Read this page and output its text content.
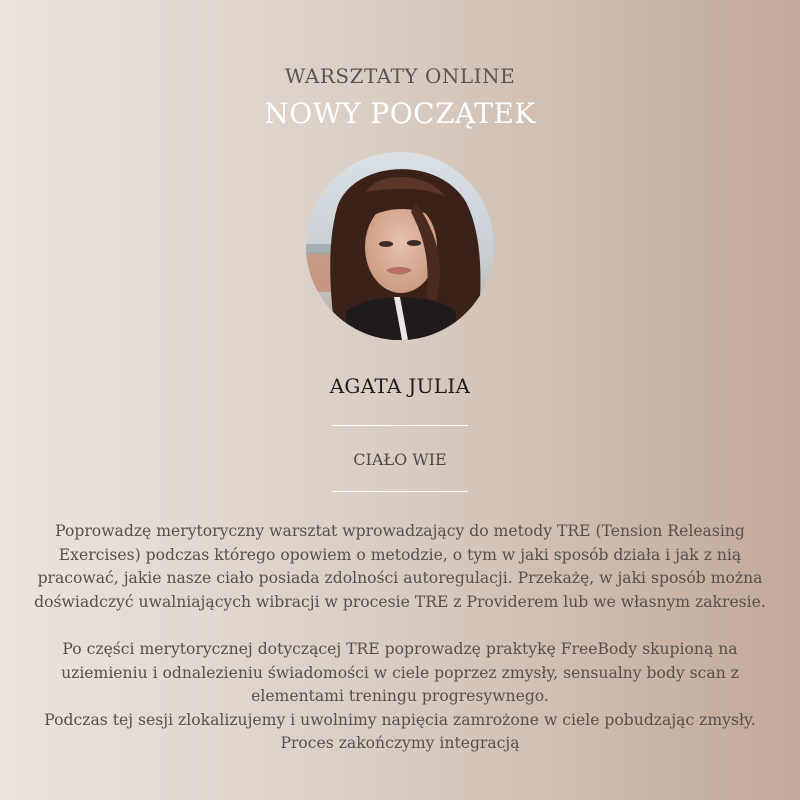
WARSZTATY ONLINE
NOWY POCZĄTEK
AGATA JULIA
CIAŁO WIE

Poprowadzę merytoryczny warsztat wprowadzający do metody TRE (Tension Releasing Exercises) podczas którego opowiem o metodzie, o tym w jaki sposób działa i jak z nią pracować, jakie nasze ciało posiada zdolności autoregulacji. Przekażę, w jaki sposób można doświadczyć uwalniających wibracji w procesie TRE z Providerem lub we własnym zakresie.

Po części merytorycznej dotyczącej TRE poprowadzę praktykę FreeBody skupioną na uziemieniu i odnalezieniu świadomości w ciele poprzez zmysły, sensualny body scan z elementami treningu progresywnego.

Podczas tej sesji zlokalizujemy i uwolnimy napięcia zamrożone w ciele pobudzając zmysły. Proces zakończymy integracją
